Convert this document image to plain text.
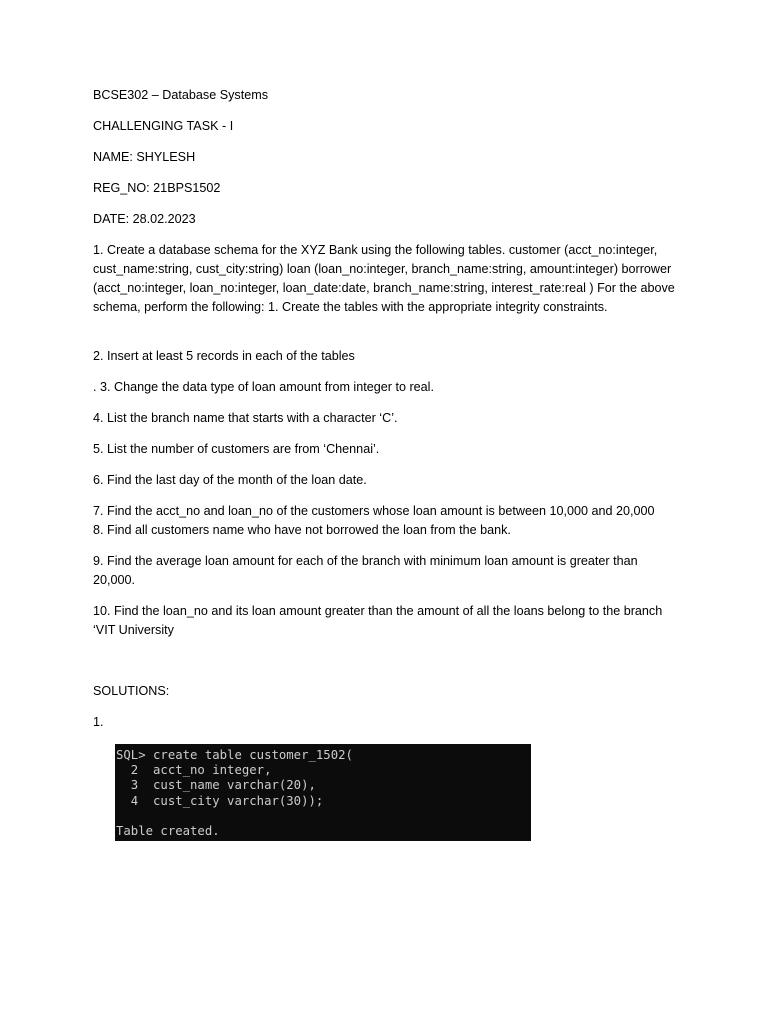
BCSE302 – Database Systems
CHALLENGING TASK - I
NAME: SHYLESH
REG_NO: 21BPS1502
DATE: 28.02.2023
1. Create a database schema for the XYZ Bank using the following tables. customer (acct_no:integer, cust_name:string, cust_city:string) loan (loan_no:integer, branch_name:string, amount:integer) borrower (acct_no:integer, loan_no:integer, loan_date:date, branch_name:string, interest_rate:real ) For the above schema, perform the following: 1. Create the tables with the appropriate integrity constraints.
2. Insert at least 5 records in each of the tables
. 3. Change the data type of loan amount from integer to real.
4. List the branch name that starts with a character ‘C’.
5. List the number of customers are from ‘Chennai’.
6. Find the last day of the month of the loan date.
7. Find the acct_no and loan_no of the customers whose loan amount is between 10,000 and 20,000
8. Find all customers name who have not borrowed the loan from the bank.
9. Find the average loan amount for each of the branch with minimum loan amount is greater than 20,000.
10. Find the loan_no and its loan amount greater than the amount of all the loans belong to the branch ‘VIT University
SOLUTIONS:
1.
SQL> create table customer_1502(
2  acct_no integer,
3  cust_name varchar(20),
4  cust_city varchar(30));
Table created.
